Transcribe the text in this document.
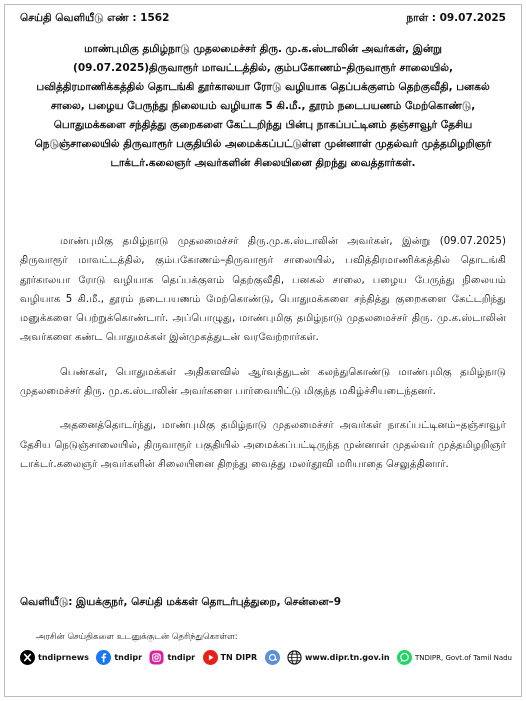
செய்தி வெளியீடு எண் : 1562	நாள் : 09.07.2025
மாண்புமிகு தமிழ்நாடு முதலமைச்சர் திரு. மு.க.ஸ்டாலின் அவர்கள், இன்று (09.07.2025)திருவாரூர் மாவட்டத்தில், கும்பகோணம்–திருவாரூர் சாலையில், பவித்திரமாணிக்கத்தில் தொடங்கி தூர்காலயா ரோடு வழியாக தெப்பக்குளம் தெற்குவீதி, பனகல் சாலை, பழைய பேருந்து நிலையம் வழியாக 5 கி.மீ., தூரம் நடைபயணம் மேற்கொண்டு, பொதுமக்களை சந்தித்து குறைகளை கேட்டறிந்து பின்பு நாகப்பட்டினம் தஞ்சாவூர் தேசிய நெடுஞ்சாலையில் திருவாரூர் பகுதியில் அமைக்கப்பட்டுள்ள முன்னாள் முதல்வர் முத்தமிழறிஞர் டாக்டர்.கலைஞர் அவர்களின் சிலையினை திறந்து வைத்தார்கள்.

மாண்புமிகு தமிழ்நாடு முதலமைச்சர் திரு.மு.க.ஸ்டாலின் அவர்கள், இன்று (09.07.2025) திருவாரூர் மாவட்டத்தில், கும்பகோணம்–திருவாரூர் சாலையில், பவித்திரமாணிக்கத்தில் தொடங்கி தூர்காலயா ரோடு வழியாக தெப்பக்குளம் தெற்குவீதி, பனகல் சாலை, பழைய பேருந்து நிலையம் வழியாக 5 கி.மீ., தூரம் நடைபயணம் மேற்கொண்டு, பொதுமக்களை சந்தித்து குறைகளை கேட்டறிந்து மனுக்களை பெற்றுக்கொண்டார். அப்பொழுது, மாண்புமிகு தமிழ்நாடு முதலமைச்சர் திரு. மு.க.ஸ்டாலின் அவர்களை கண்ட பொதுமக்கள் இன்முகத்துடன் வரவேற்றார்கள்.

பெண்கள், பொதுமக்கள் அதிகளவில் ஆர்வத்துடன் கலந்துகொண்டு மாண்புமிகு தமிழ்நாடு முதலமைச்சர் திரு. மு.க.ஸ்டாலின் அவர்களை பார்வையிட்டு மிகுந்த மகிழ்ச்சியடைந்தனர்.

அதனைத்தொடர்ந்து, மாண்புமிகு தமிழ்நாடு முதலமைச்சர் அவர்கள் நாகப்பட்டினம்–தஞ்சாவூர் தேசிய நெடுஞ்சாலையில், திருவாரூர் பகுதியில் அமைக்கப்பட்டிருந்த முன்னாள் முதல்வர் முத்தமிழறிஞர் டாக்டர்.கலைஞர் அவர்களின் சிலையினை திறந்து வைத்து மலர்தூவி மரியாதை செலுத்தினார்.

வெளியீடு: இயக்குநர், செய்தி மக்கள் தொடர்புத்துறை, சென்னை–9
அரசின் செய்திகளை உடனுக்குடன் தெரிந்துகொள்ள:
tndiprnews	tndipr	tndipr	TN DIPR	www.dipr.tn.gov.in	TNDIPR, Govt.of Tamil Nadu
